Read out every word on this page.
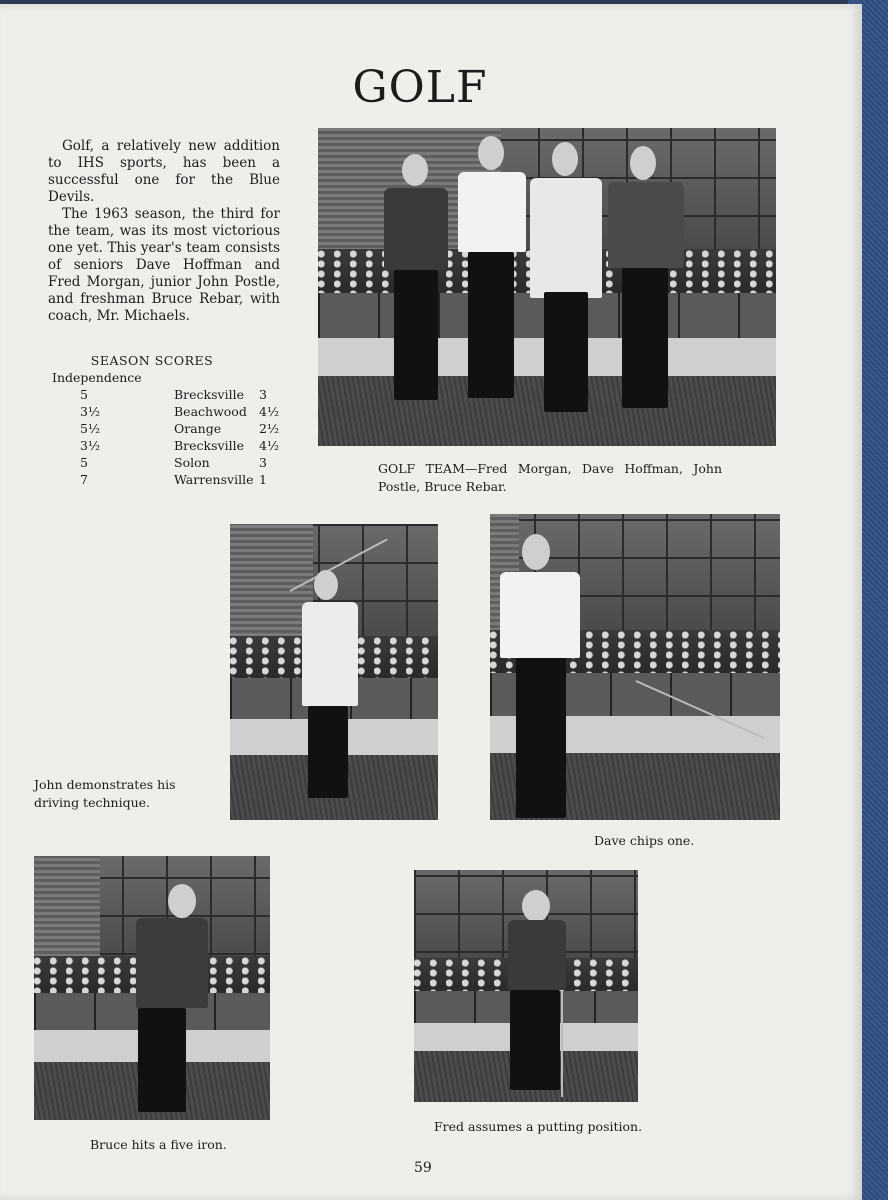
GOLF

Golf, a relatively new addition to IHS sports, has been a successful one for the Blue Devils.

The 1963 season, the third for the team, was its most victorious one yet. This year's team consists of seniors Dave Hoffman and Fred Morgan, junior John Postle, and freshman Bruce Rebar, with coach, Mr. Michaels.

SEASON SCORES
Independence
5	Brecksville	3
3½	Beachwood 4½
5½	Orange	2½
3½	Brecksville	4½
5	Solon	3
7	Warrensville 1
GOLF TEAM—Fred Morgan, Dave Hoffman, John Postle, Bruce Rebar.
John demonstrates his driving technique.
Dave chips one.
Bruce hits a five iron.
Fred assumes a putting position.
59
